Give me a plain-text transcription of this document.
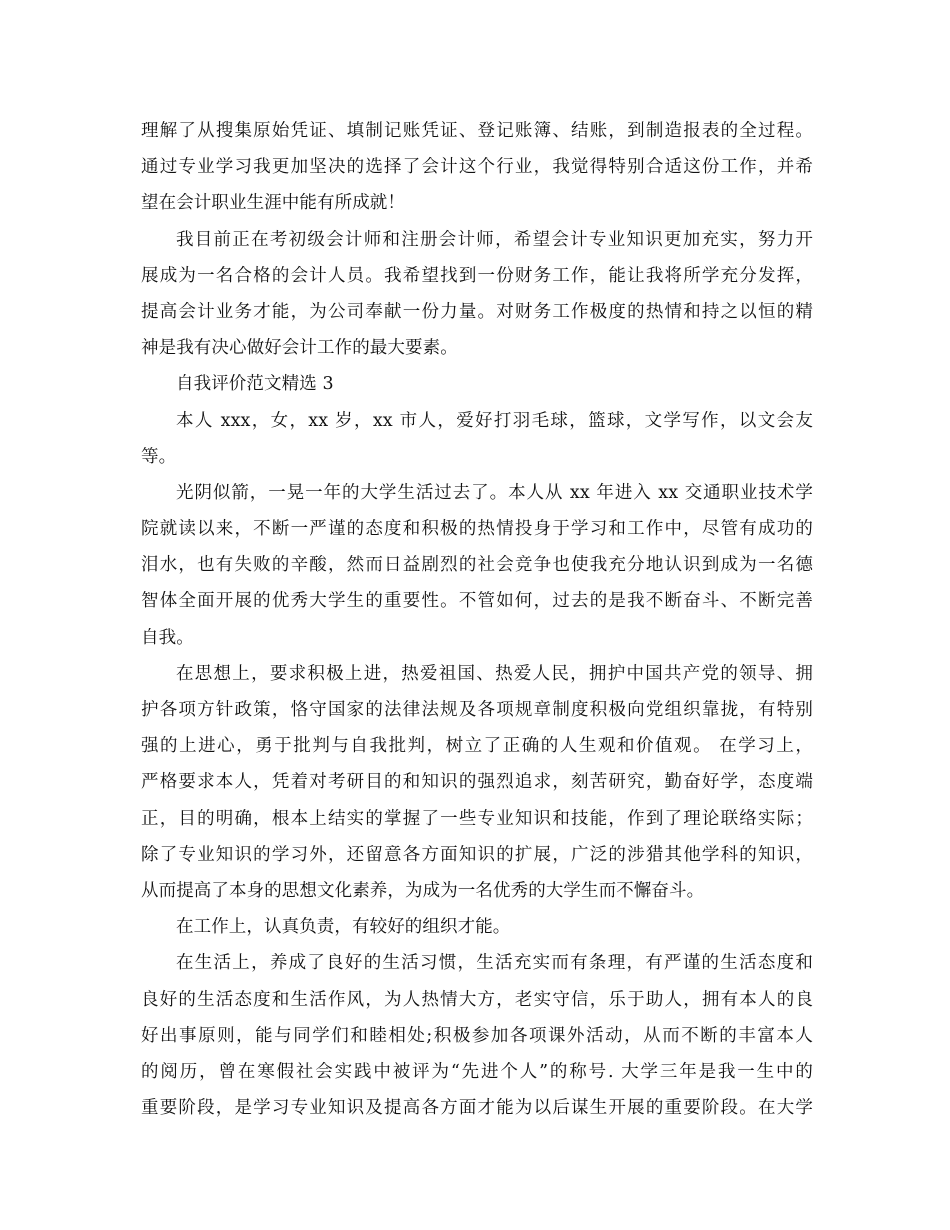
理解了从搜集原始凭证、填制记账凭证、登记账簿、结账，到制造报表的全过程。
通过专业学习我更加坚决的选择了会计这个行业，我觉得特别合适这份工作，并希
望在会计职业生涯中能有所成就！
我目前正在考初级会计师和注册会计师，希望会计专业知识更加充实，努力开
展成为一名合格的会计人员。我希望找到一份财务工作，能让我将所学充分发挥，
提高会计业务才能，为公司奉献一份力量。对财务工作极度的热情和持之以恒的精
神是我有决心做好会计工作的最大要素。
自我评价范文精选 3
本人 xxx，女，xx 岁，xx 市人，爱好打羽毛球，篮球，文学写作，以文会友
等。
光阴似箭，一晃一年的大学生活过去了。本人从 xx 年进入 xx 交通职业技术学
院就读以来，不断一严谨的态度和积极的热情投身于学习和工作中，尽管有成功的
泪水，也有失败的辛酸，然而日益剧烈的社会竞争也使我充分地认识到成为一名德
智体全面开展的优秀大学生的重要性。不管如何，过去的是我不断奋斗、不断完善
自我。
在思想上，要求积极上进，热爱祖国、热爱人民，拥护中国共产党的领导、拥
护各项方针政策，恪守国家的法律法规及各项规章制度积极向党组织靠拢，有特别
强的上进心，勇于批判与自我批判，树立了正确的人生观和价值观。 在学习上，
严格要求本人，凭着对考研目的和知识的强烈追求，刻苦研究，勤奋好学，态度端
正，目的明确，根本上结实的掌握了一些专业知识和技能，作到了理论联络实际；
除了专业知识的学习外，还留意各方面知识的扩展，广泛的涉猎其他学科的知识，
从而提高了本身的思想文化素养，为成为一名优秀的大学生而不懈奋斗。
在工作上，认真负责，有较好的组织才能。
在生活上，养成了良好的生活习惯，生活充实而有条理，有严谨的生活态度和
良好的生活态度和生活作风，为人热情大方，老实守信，乐于助人，拥有本人的良
好出事原则，能与同学们和睦相处;积极参加各项课外活动，从而不断的丰富本人
的阅历，曾在寒假社会实践中被评为“先进个人”的称号. 大学三年是我一生中的
重要阶段，是学习专业知识及提高各方面才能为以后谋生开展的重要阶段。在大学
